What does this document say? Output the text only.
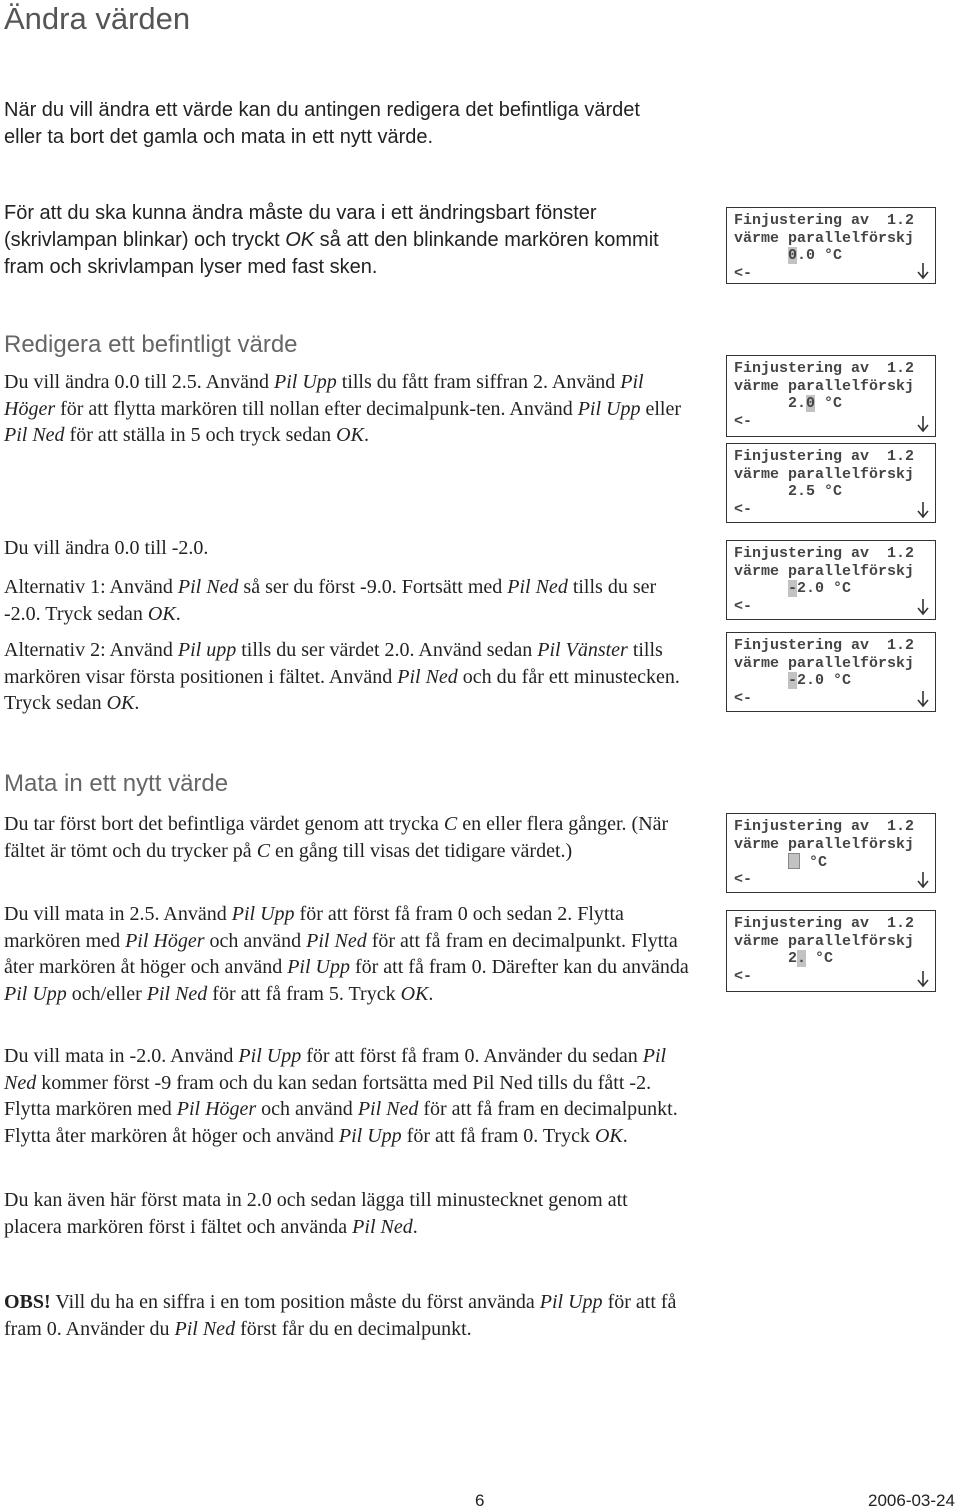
Ändra värden

När du vill ändra ett värde kan du antingen redigera det befintliga värdet eller ta bort det gamla och mata in ett nytt värde.

För att du ska kunna ändra måste du vara i ett ändringsbart fönster (skrivlampan blinkar) och tryckt OK så att den blinkande markören kommit fram och skrivlampan lyser med fast sken.

Finjustering av  1.2
värme parallelförskj
0.0 °C
<-
Redigera ett befintligt värde

Du vill ändra 0.0 till 2.5. Använd Pil Upp tills du fått fram siffran 2. Använd Pil Höger för att flytta markören till nollan efter decimalpunk-ten. Använd Pil Upp eller Pil Ned för att ställa in 5 och tryck sedan OK.

Du vill ändra 0.0 till -2.0.

Alternativ 1: Använd Pil Ned så ser du först -9.0. Fortsätt med Pil Ned tills du ser -2.0. Tryck sedan OK.

Alternativ 2: Använd Pil upp tills du ser värdet 2.0. Använd sedan Pil Vänster tills markören visar första positionen i fältet. Använd Pil Ned och du får ett minustecken. Tryck sedan OK.

Finjustering av  1.2
värme parallelförskj
2.0 °C
<-
Finjustering av  1.2
värme parallelförskj
2.5 °C
<-
Finjustering av  1.2
värme parallelförskj
-2.0 °C
<-
Finjustering av  1.2
värme parallelförskj
-2.0 °C
<-
Mata in ett nytt värde

Du tar först bort det befintliga värdet genom att trycka C en eller flera gånger. (När fältet är tömt och du trycker på C en gång till visas det tidigare värdet.)

Du vill mata in 2.5. Använd Pil Upp för att först få fram 0 och sedan 2. Flytta markören med Pil Höger och använd Pil Ned för att få fram en decimalpunkt. Flytta åter markören åt höger och använd Pil Upp för att få fram 0. Därefter kan du använda Pil Upp och/eller Pil Ned för att få fram 5. Tryck OK.

Du vill mata in -2.0. Använd Pil Upp för att först få fram 0. Använder du sedan Pil Ned kommer först -9 fram och du kan sedan fortsätta med Pil Ned tills du fått -2. Flytta markören med Pil Höger och använd Pil Ned för att få fram en decimalpunkt. Flytta åter markören åt höger och använd Pil Upp för att få fram 0. Tryck OK.

Du kan även här först mata in 2.0 och sedan lägga till minustecknet genom att placera markören först i fältet och använda Pil Ned.

Finjustering av  1.2
värme parallelförskj
°C
<-
Finjustering av  1.2
värme parallelförskj
2. °C
<-

OBS! Vill du ha en siffra i en tom position måste du först använda Pil Upp för att få fram 0. Använder du Pil Ned först får du en decimalpunkt.

6	2006-03-24
